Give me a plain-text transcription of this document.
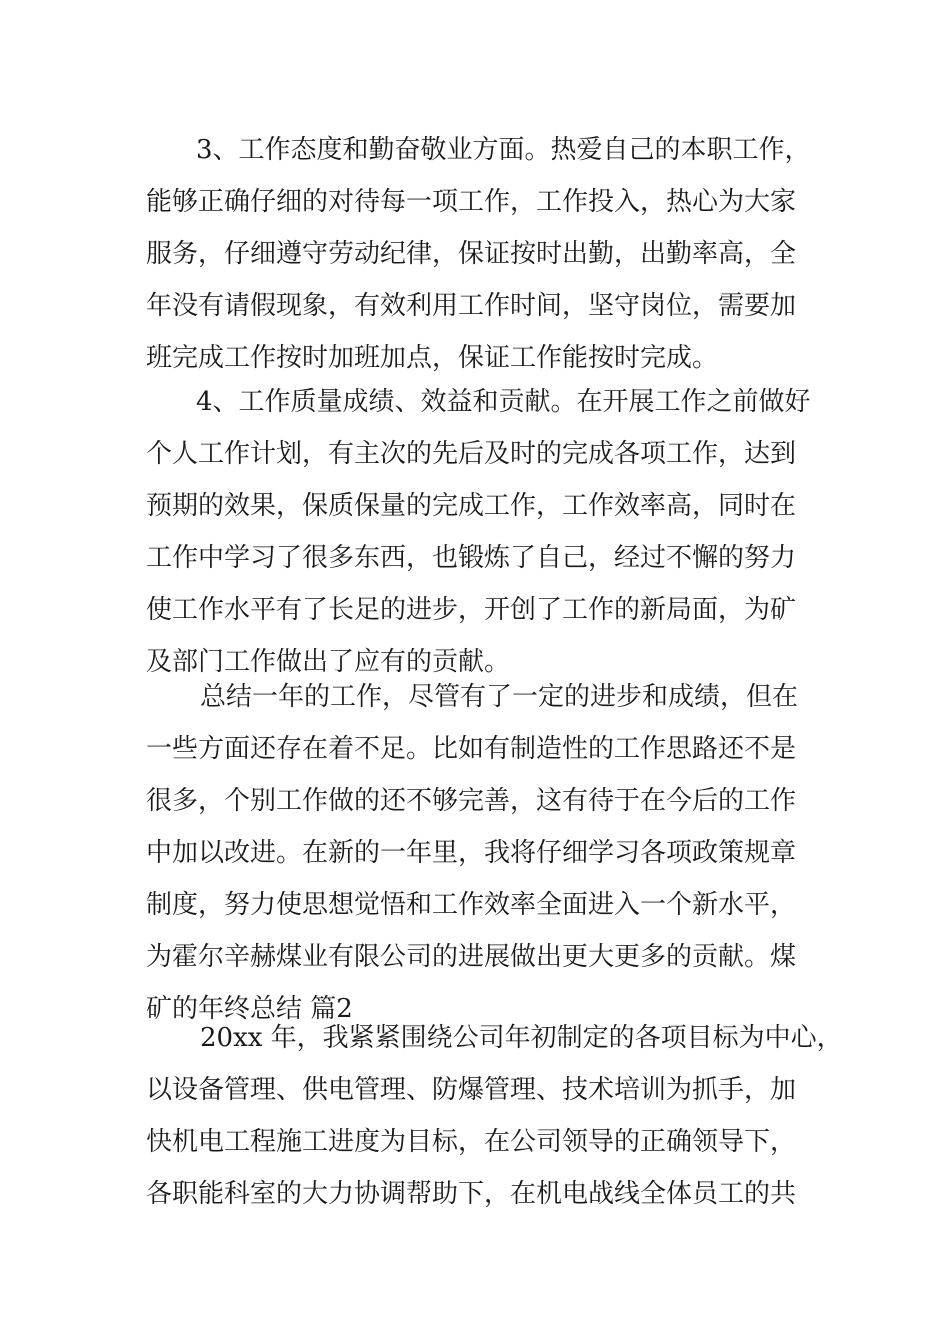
3、工作态度和勤奋敬业方面。热爱自己的本职工作，
能够正确仔细的对待每一项工作，工作投入，热心为大家
服务，仔细遵守劳动纪律，保证按时出勤，出勤率高，全
年没有请假现象，有效利用工作时间，坚守岗位，需要加
班完成工作按时加班加点，保证工作能按时完成。
4、工作质量成绩、效益和贡献。在开展工作之前做好
个人工作计划，有主次的先后及时的完成各项工作，达到
预期的效果，保质保量的完成工作，工作效率高，同时在
工作中学习了很多东西，也锻炼了自己，经过不懈的努力
使工作水平有了长足的进步，开创了工作的新局面，为矿
及部门工作做出了应有的贡献。
总结一年的工作，尽管有了一定的进步和成绩，但在
一些方面还存在着不足。比如有制造性的工作思路还不是
很多，个别工作做的还不够完善，这有待于在今后的工作
中加以改进。在新的一年里，我将仔细学习各项政策规章
制度，努力使思想觉悟和工作效率全面进入一个新水平，
为霍尔辛赫煤业有限公司的进展做出更大更多的贡献。煤
矿的年终总结 篇2
20xx 年，我紧紧围绕公司年初制定的各项目标为中心，
以设备管理、供电管理、防爆管理、技术培训为抓手，加
快机电工程施工进度为目标，在公司领导的正确领导下，
各职能科室的大力协调帮助下，在机电战线全体员工的共
